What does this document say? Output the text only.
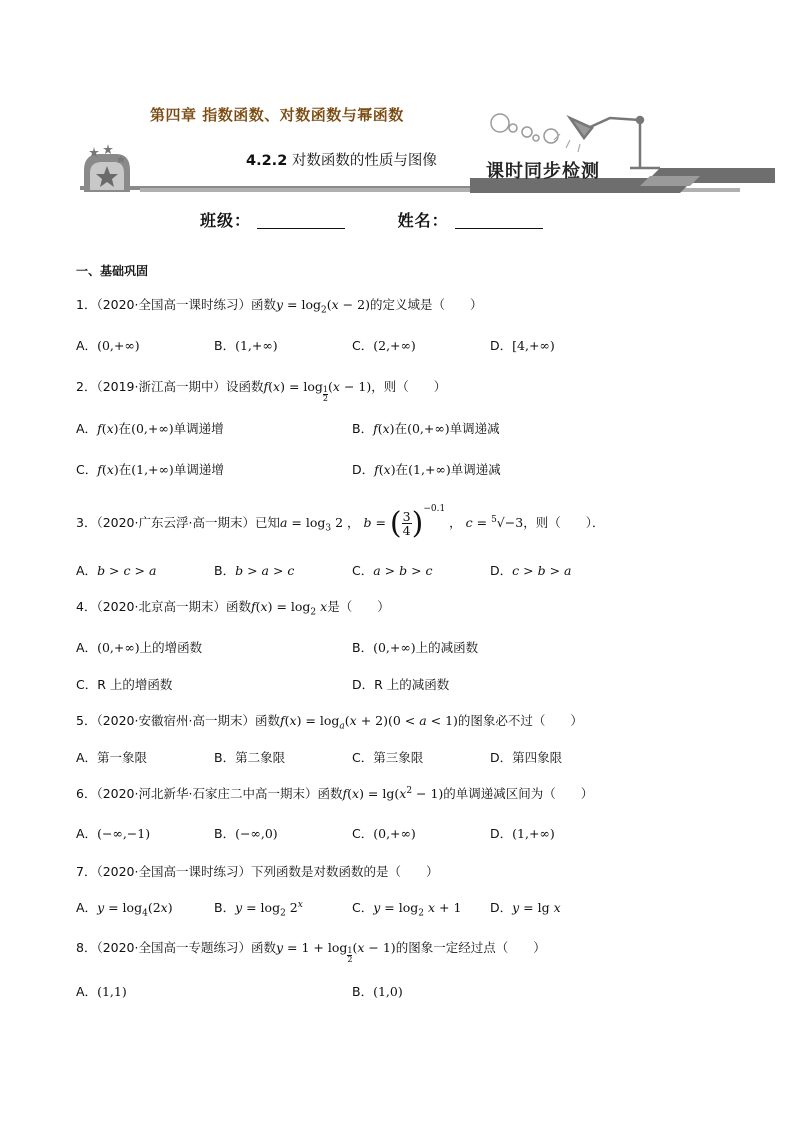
第四章 指数函数、对数函数与幂函数
4.2.2 对数函数的性质与图像	课时同步检测
班级：	姓名：
一、基础巩固
1．（2020·全国高一课时练习）函数$y = \log_2(x - 2)$的定义域是（　　）
A．(0,+∞)	B．(1,+∞)	C．(2,+∞)	D．[4,+∞)
2．（2019·浙江高一期中）设函数$f(x) = \log \frac{1}{2}(x - 1)$，则（　　）
A．f(x)在(0,+∞)单调递增	B．f(x)在(0,+∞)单调递减
C．f(x)在(1,+∞)单调递增	D．f(x)在(1,+∞)单调递减
3．（2020·广东云浮·高一期末）已知$a = \log_3 2$ ， b = ( $\frac{3}{4} )^{-0.1}$ ， c = $^5$√−3，则（　　）．
A．b > c > a	B．b > a > c	C．a > b > c	D．c > b > a
4．（2020·北京高一期末）函数$f(x) = \log_2 x$是（　　）
A．(0,+∞)上的增函数	B．(0,+∞)上的减函数
C．R 上的增函数	D．R 上的减函数
5．（2020·安徽宿州·高一期末）函数$f(x) = \log_a(x + 2)(0 < a < 1)$的图象必不过（　　）
A．第一象限	B．第二象限	C．第三象限	D．第四象限
6．（2020·河北新华·石家庄二中高一期末）函数$f(x) = \lg(x^2 - 1)$的单调递减区间为（　　）
A．(−∞,−1)	B．(−∞,0)	C．(0,+∞)	D．(1,+∞)
7．（2020·全国高一课时练习）下列函数是对数函数的是（　　）
A．$y = \log_4(2x)$	B．$y = \log_2 2^x$	C．$y = \log_2 x + 1$ D．y = lg x
8．（2020·全国高一专题练习）函数$y = 1 + \log \frac{1}{2}(x - 1)$的图象一定经过点（　　）
A．(1,1)	B．(1,0)
